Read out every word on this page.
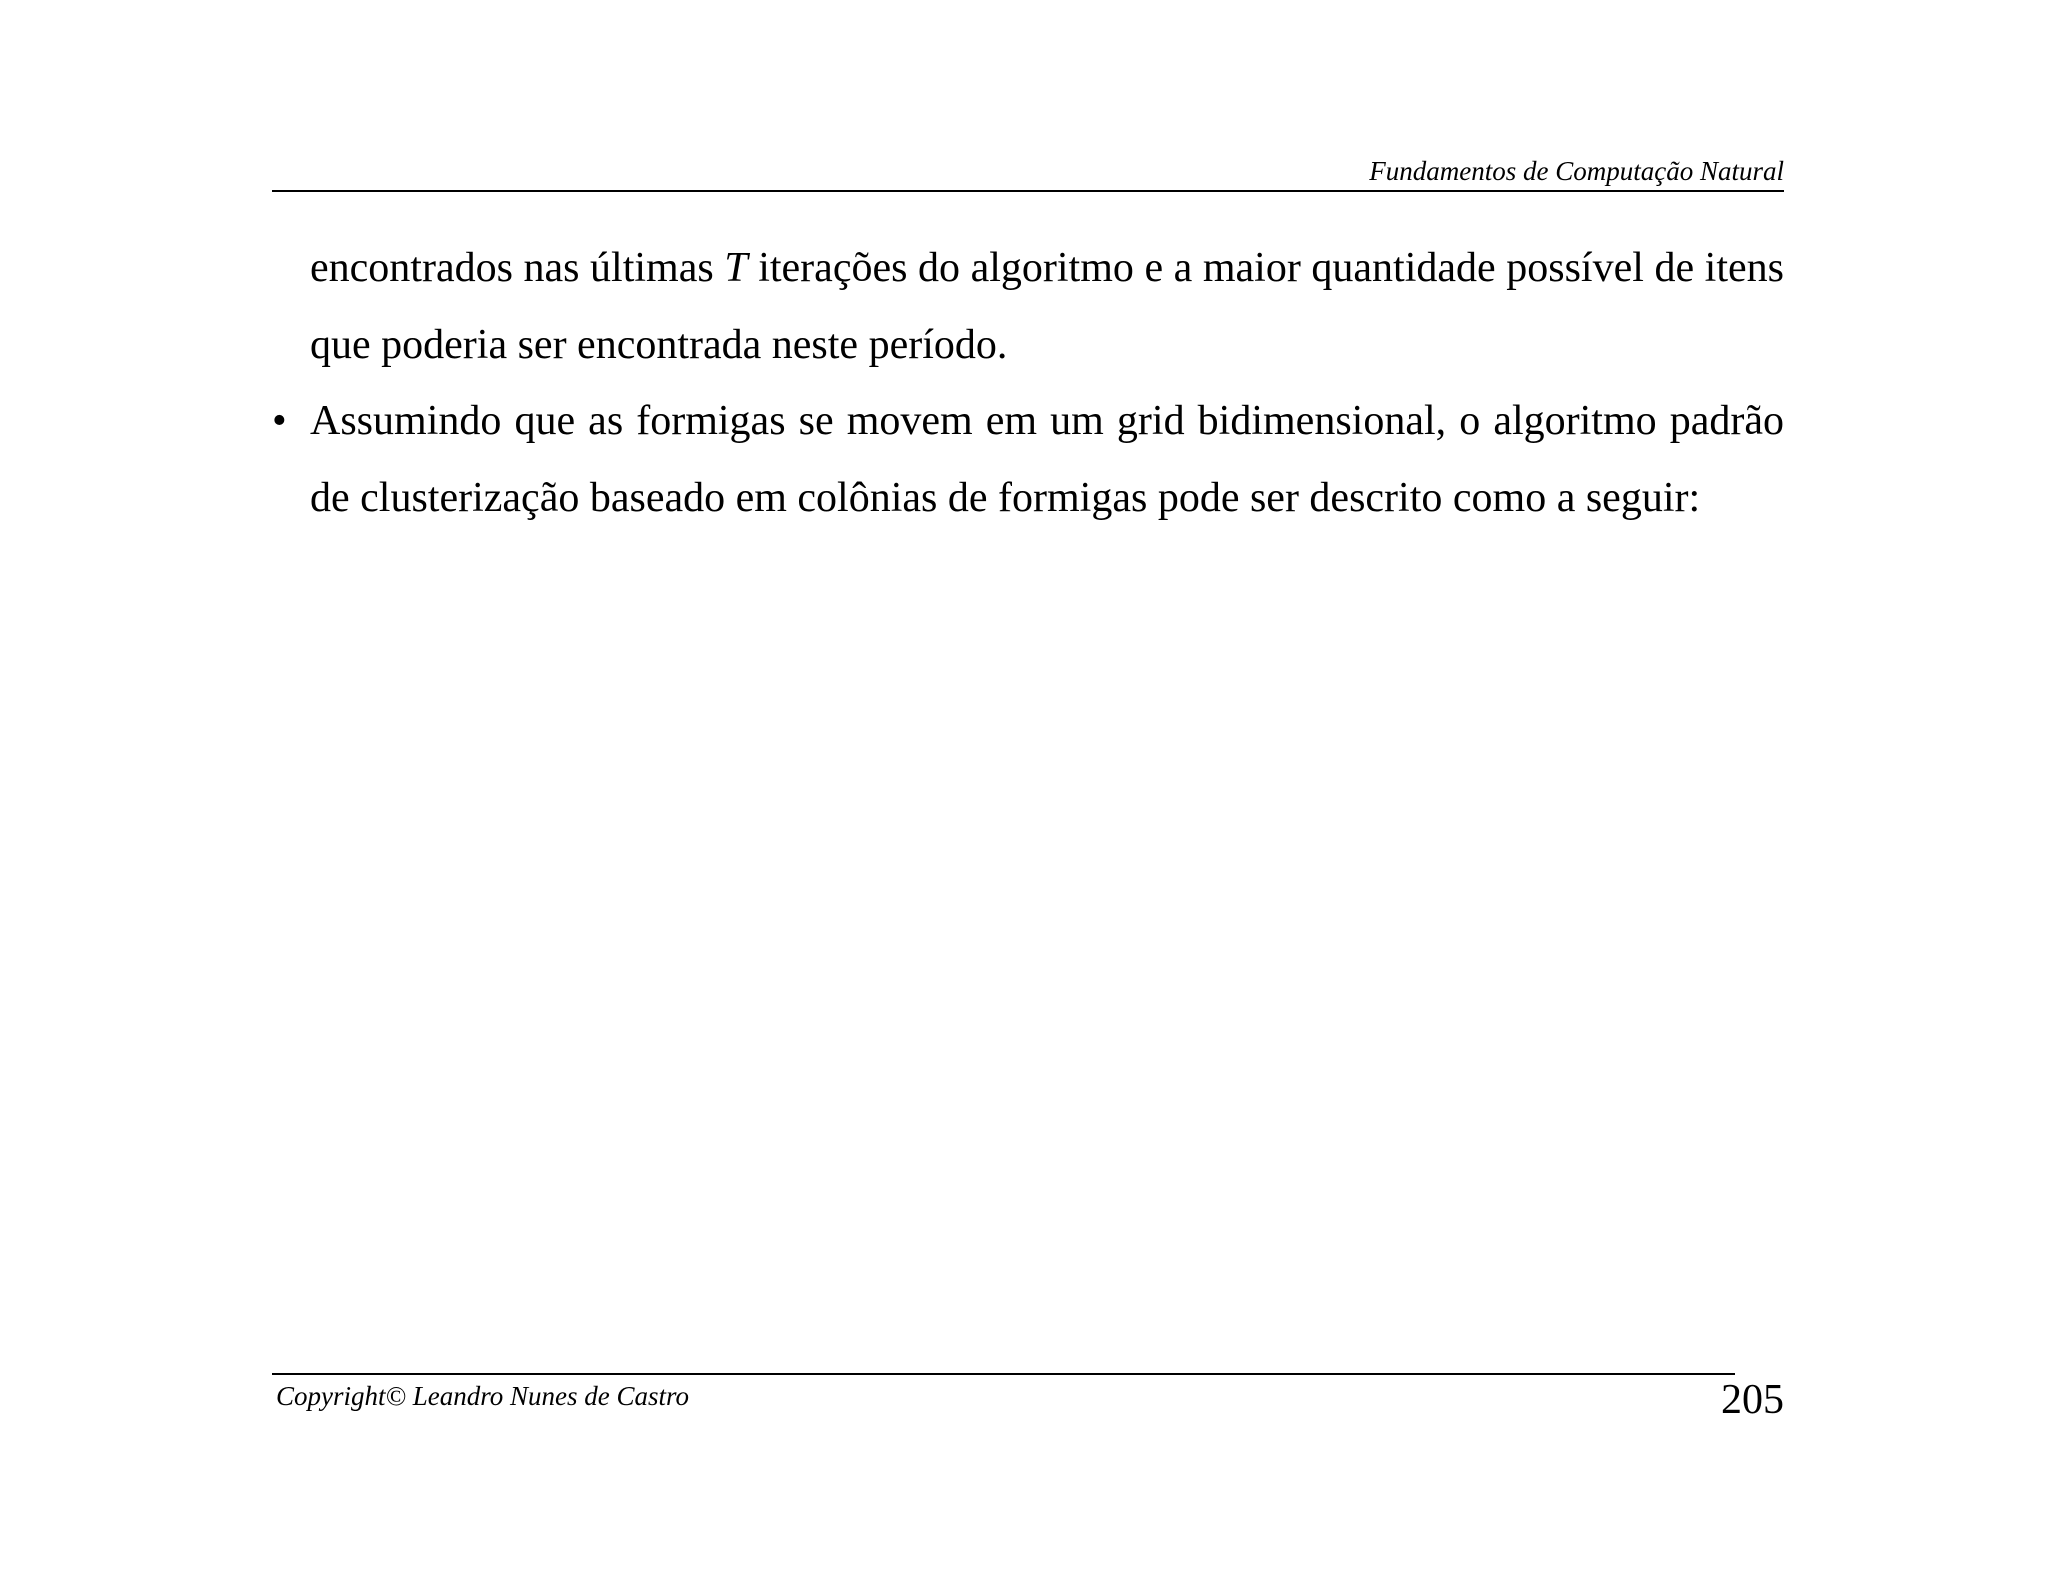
Fundamentos de Computação Natural
encontrados nas últimas T iterações do algoritmo e a maior quantidade possível de itens que poderia ser encontrada neste período.
• Assumindo que as formigas se movem em um grid bidimensional, o algoritmo padrão de clusterização baseado em colônias de formigas pode ser descrito como a seguir:
Copyright© Leandro Nunes de Castro	205
